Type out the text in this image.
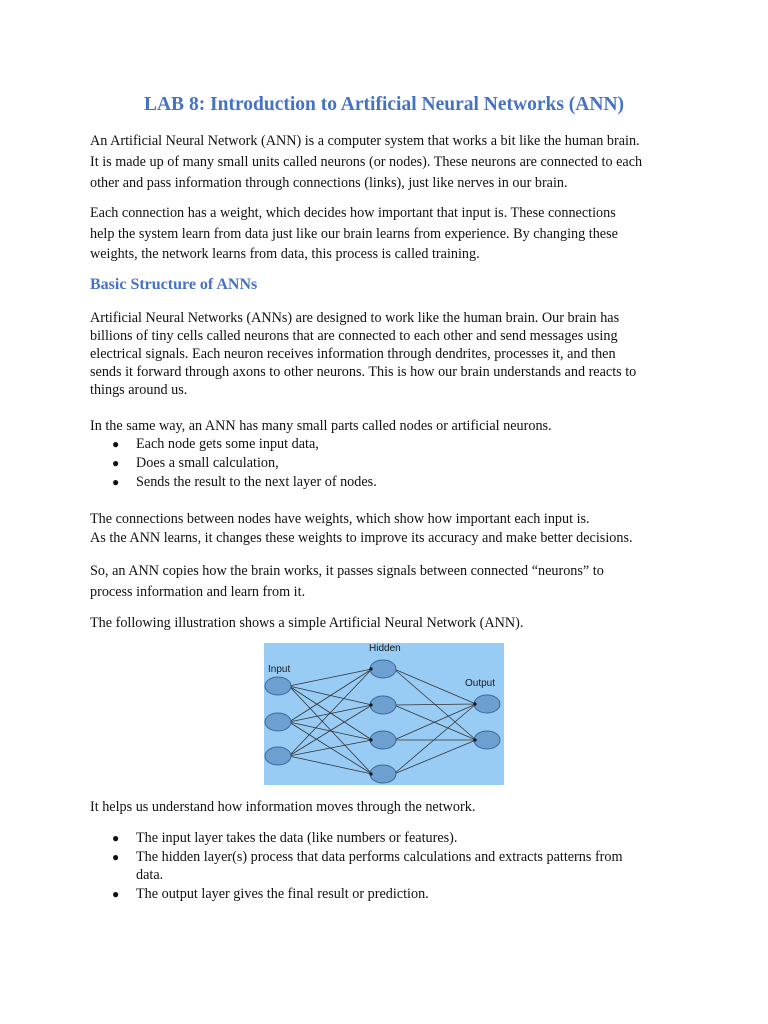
LAB 8: Introduction to Artificial Neural Networks (ANN)

An Artificial Neural Network (ANN) is a computer system that works a bit like the human brain.
It is made up of many small units called neurons (or nodes). These neurons are connected to each
other and pass information through connections (links), just like nerves in our brain.

Each connection has a weight, which decides how important that input is. These connections
help the system learn from data just like our brain learns from experience. By changing these
weights, the network learns from data, this process is called training.

Basic Structure of ANNs

Artificial Neural Networks (ANNs) are designed to work like the human brain. Our brain has
billions of tiny cells called neurons that are connected to each other and send messages using
electrical signals. Each neuron receives information through dendrites, processes it, and then
sends it forward through axons to other neurons. This is how our brain understands and reacts to
things around us.

In the same way, an ANN has many small parts called nodes or artificial neurons.

● Each node gets some input data,
● Does a small calculation,
● Sends the result to the next layer of nodes.

The connections between nodes have weights, which show how important each input is.
As the ANN learns, it changes these weights to improve its accuracy and make better decisions.

So, an ANN copies how the brain works, it passes signals between connected “neurons” to
process information and learn from it.

The following illustration shows a simple Artificial Neural Network (ANN).

Input
Hidden
Output

It helps us understand how information moves through the network.

● The input layer takes the data (like numbers or features).
● The hidden layer(s) process that data performs calculations and extracts patterns from
data.
● The output layer gives the final result or prediction.
